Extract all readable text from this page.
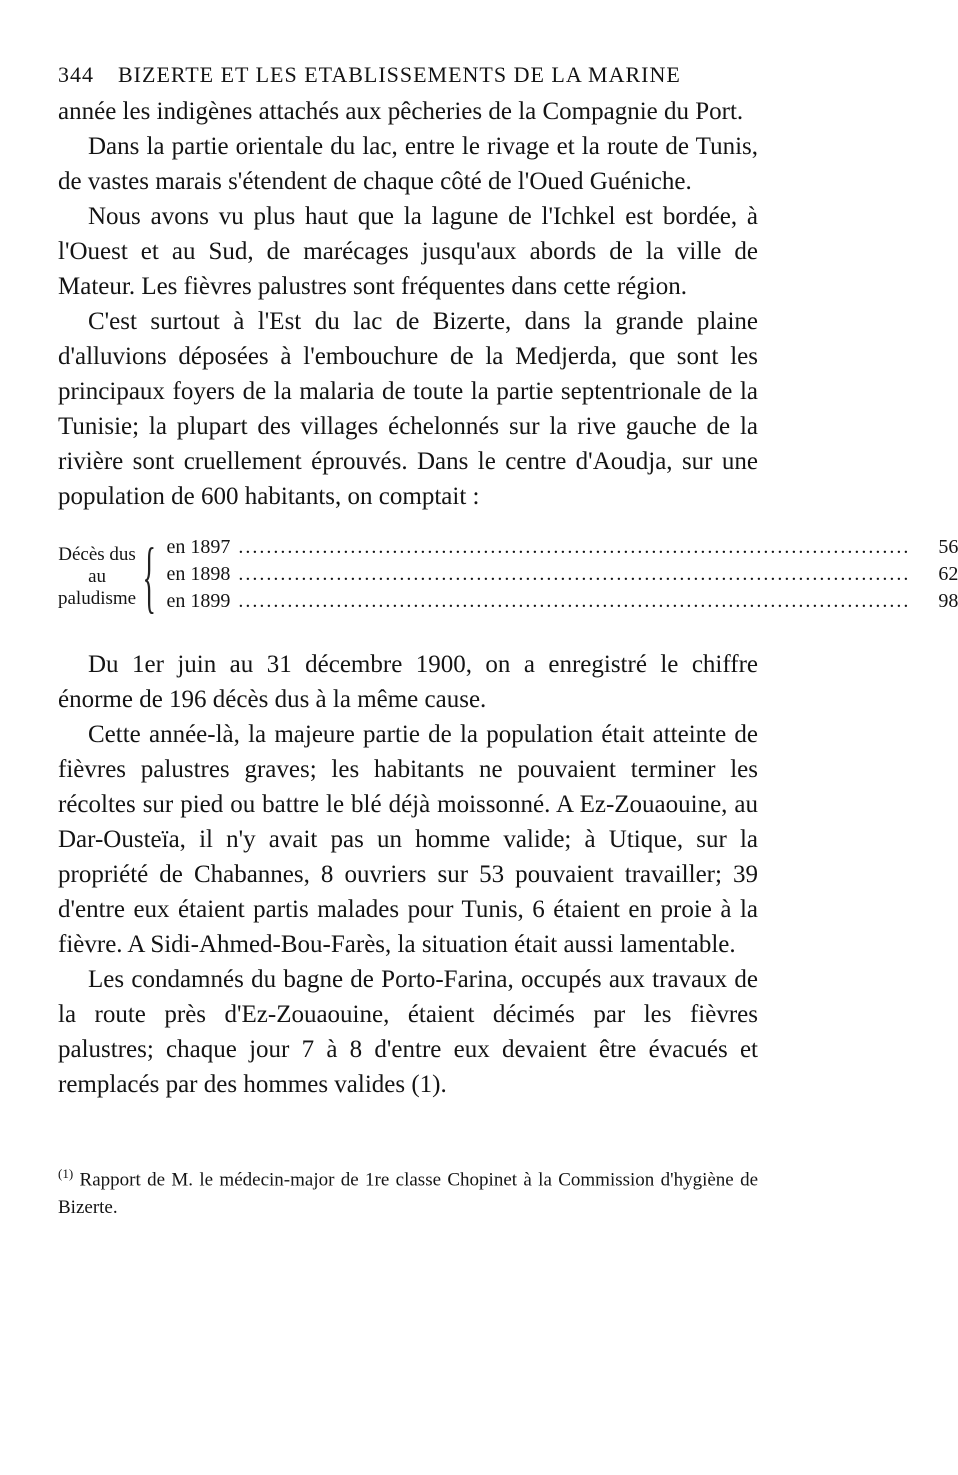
344 BIZERTE ET LES ETABLISSEMENTS DE LA MARINE

année les indigènes attachés aux pêcheries de la Compagnie du Port.

Dans la partie orientale du lac, entre le rivage et la route de Tunis, de vastes marais s'étendent de chaque côté de l'Oued Guéniche.

Nous avons vu plus haut que la lagune de l'Ichkel est bordée, à l'Ouest et au Sud, de marécages jusqu'aux abords de la ville de Mateur. Les fièvres palustres sont fréquentes dans cette région.

C'est surtout à l'Est du lac de Bizerte, dans la grande plaine d'alluvions déposées à l'embouchure de la Medjerda, que sont les principaux foyers de la malaria de toute la partie septentrionale de la Tunisie; la plupart des villages échelonnés sur la rive gauche de la rivière sont cruellement éprouvés. Dans le centre d'Aoudja, sur une population de 600 habitants, on comptait :

Décès dus
au paludisme { en 1897 .....	56
en 1898 .....	62
en 1899 .....	98

Du 1er juin au 31 décembre 1900, on a enregistré le chiffre énorme de 196 décès dus à la même cause.

Cette année-là, la majeure partie de la population était atteinte de fièvres palustres graves; les habitants ne pouvaient terminer les récoltes sur pied ou battre le blé déjà moissonné. A Ez-Zouaouine, au Dar-Ousteïa, il n'y avait pas un homme valide; à Utique, sur la propriété de Chabannes, 8 ouvriers sur 53 pouvaient travailler; 39 d'entre eux étaient partis malades pour Tunis, 6 étaient en proie à la fièvre. A Sidi-Ahmed-Bou-Farès, la situation était aussi lamentable.

Les condamnés du bagne de Porto-Farina, occupés aux travaux de la route près d'Ez-Zouaouine, étaient décimés par les fièvres palustres; chaque jour 7 à 8 d'entre eux devaient être évacués et remplacés par des hommes valides (1).

$^{(1)}$ Rapport de M. le médecin-major de 1re classe Chopinet à la Commission d'hygiène de Bizerte.
